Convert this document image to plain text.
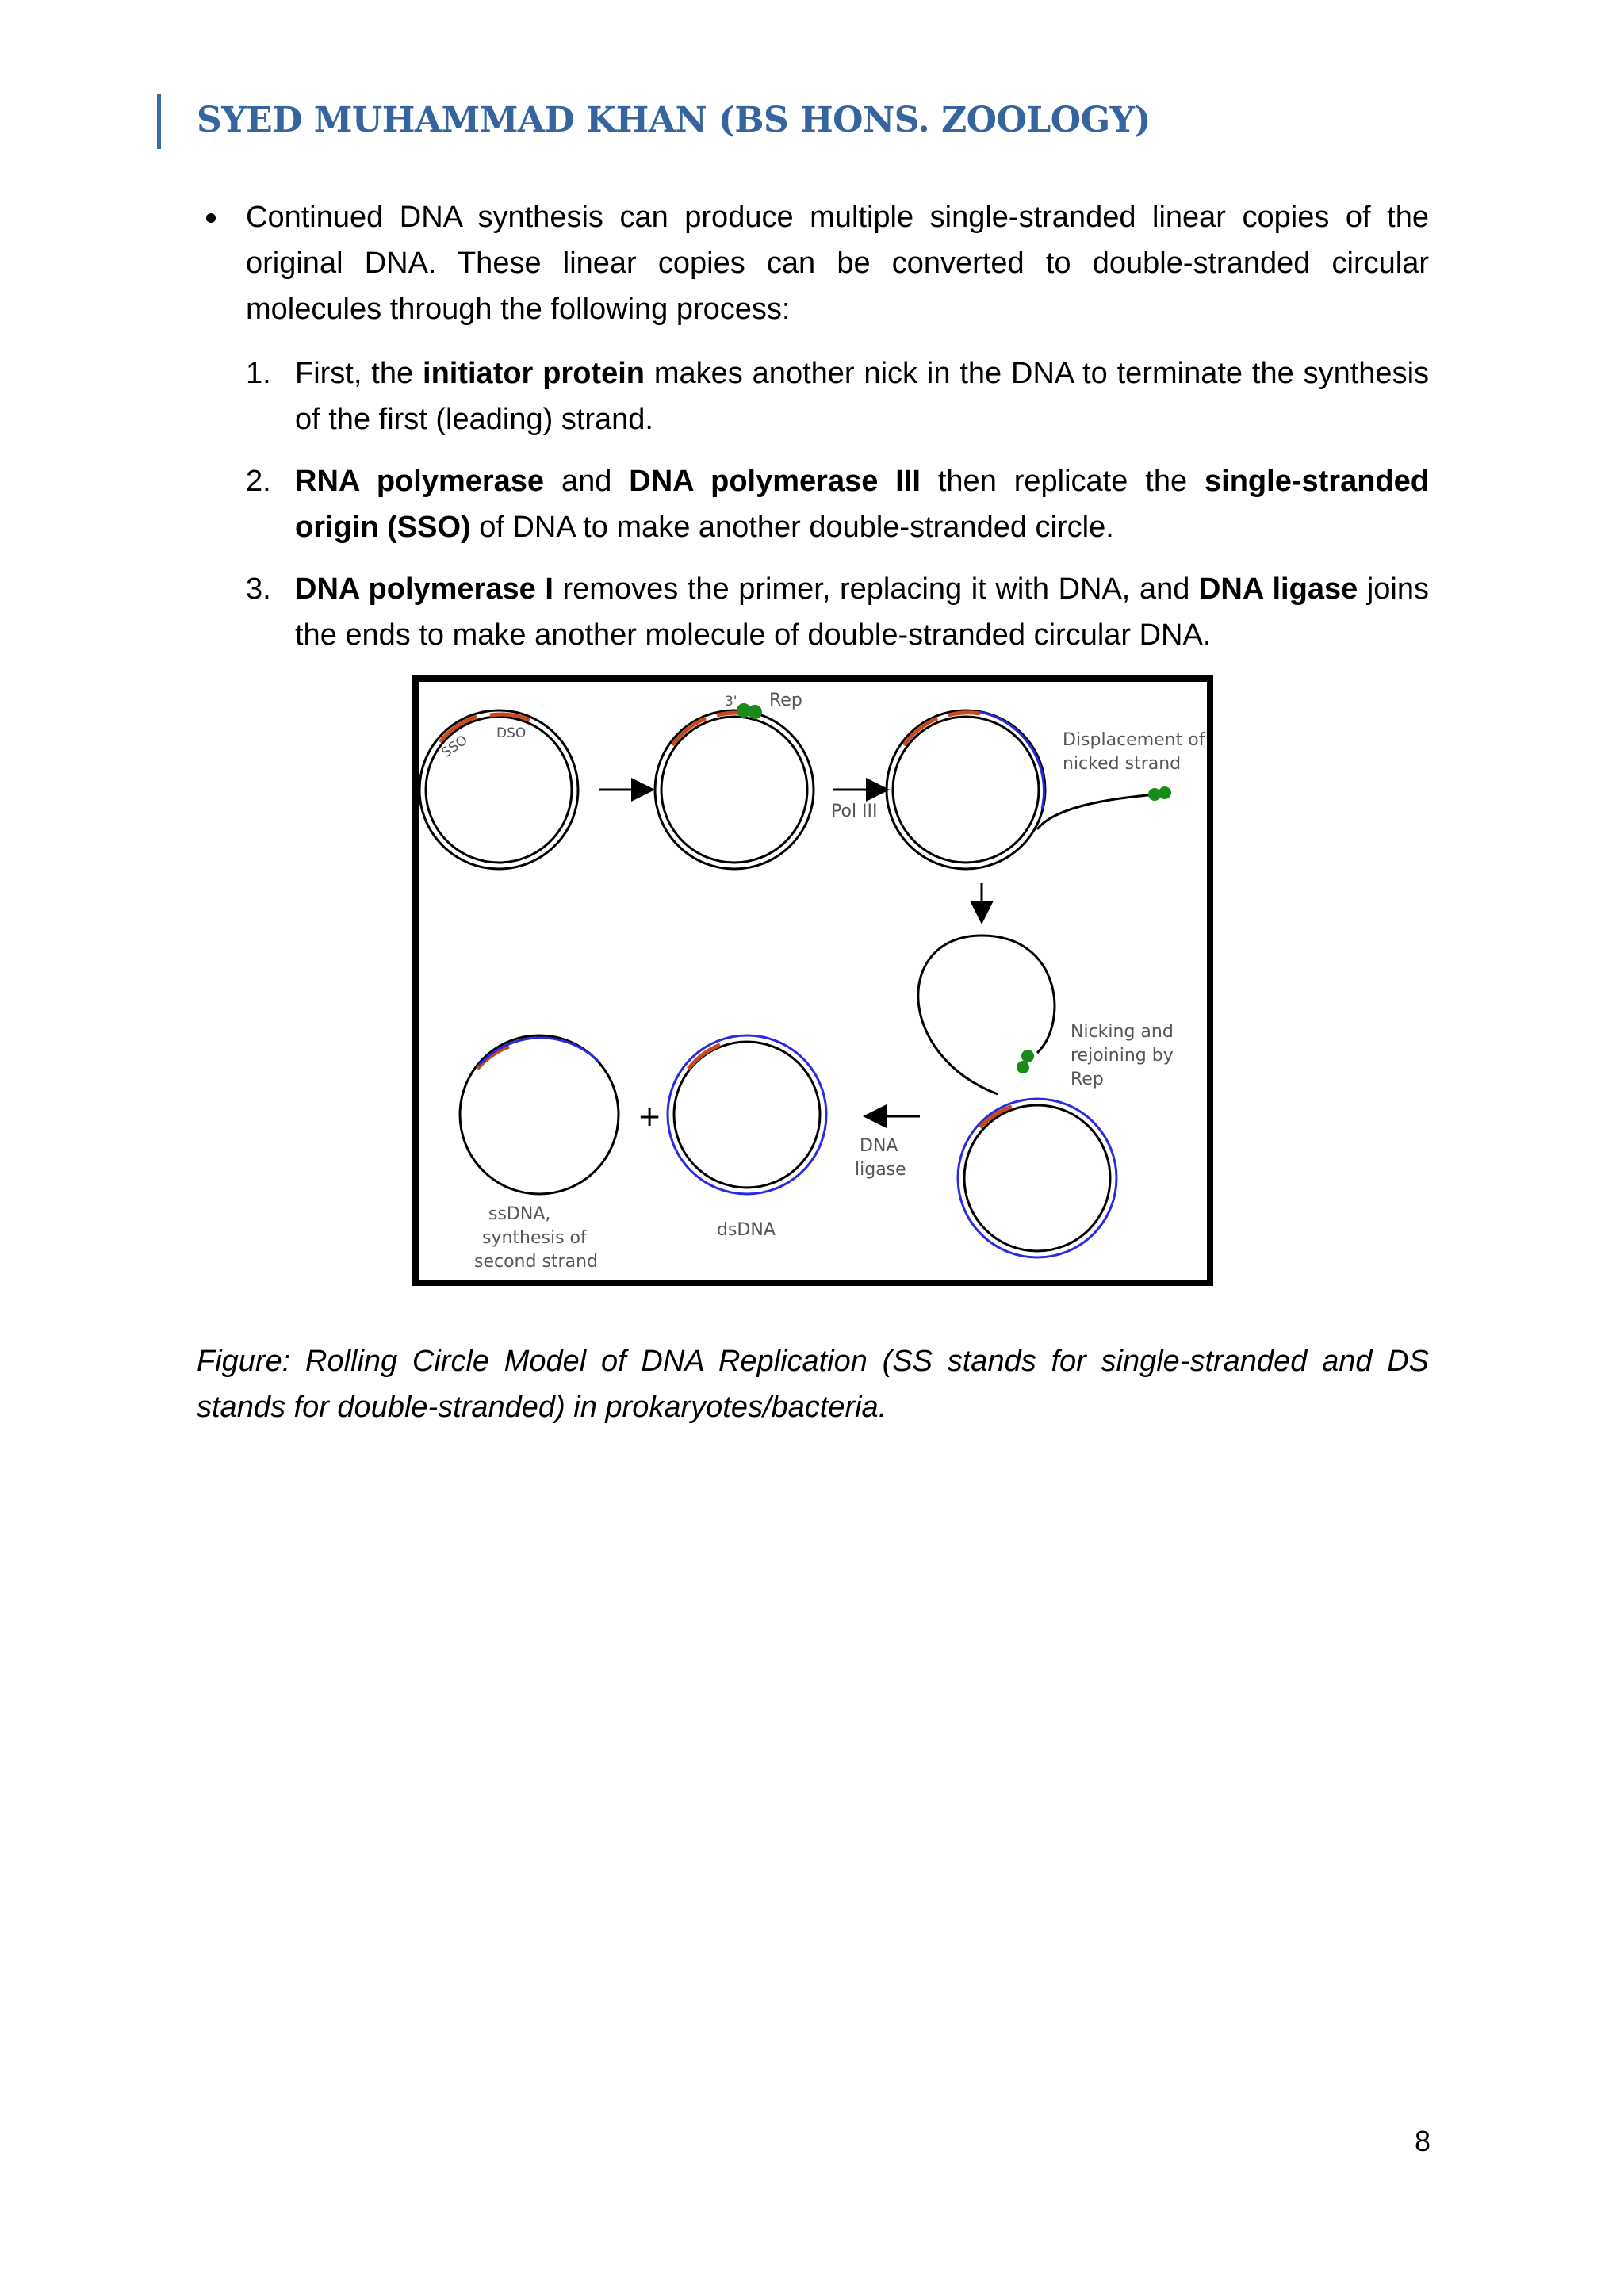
SYED MUHAMMAD KHAN (BS HONS. ZOOLOGY)
Continued DNA synthesis can produce multiple single-stranded linear copies of the original DNA. These linear copies can be converted to double-stranded circular molecules through the following process:
1. First, the initiator protein makes another nick in the DNA to terminate the synthesis of the first (leading) strand.
2. RNA polymerase and DNA polymerase III then replicate the single-stranded origin (SSO) of DNA to make another double-stranded circle.
3. DNA polymerase I removes the primer, replacing it with DNA, and DNA ligase joins the ends to make another molecule of double-stranded circular DNA.
SSO DSO
3' Rep
Pol III
Displacement of
nicked strand
Nicking and
rejoining by
Rep
DNA
ligase
dsDNA
+
ssDNA,
synthesis of
second strand
Figure: Rolling Circle Model of DNA Replication (SS stands for single-stranded and DS stands for double-stranded) in prokaryotes/bacteria.
8
